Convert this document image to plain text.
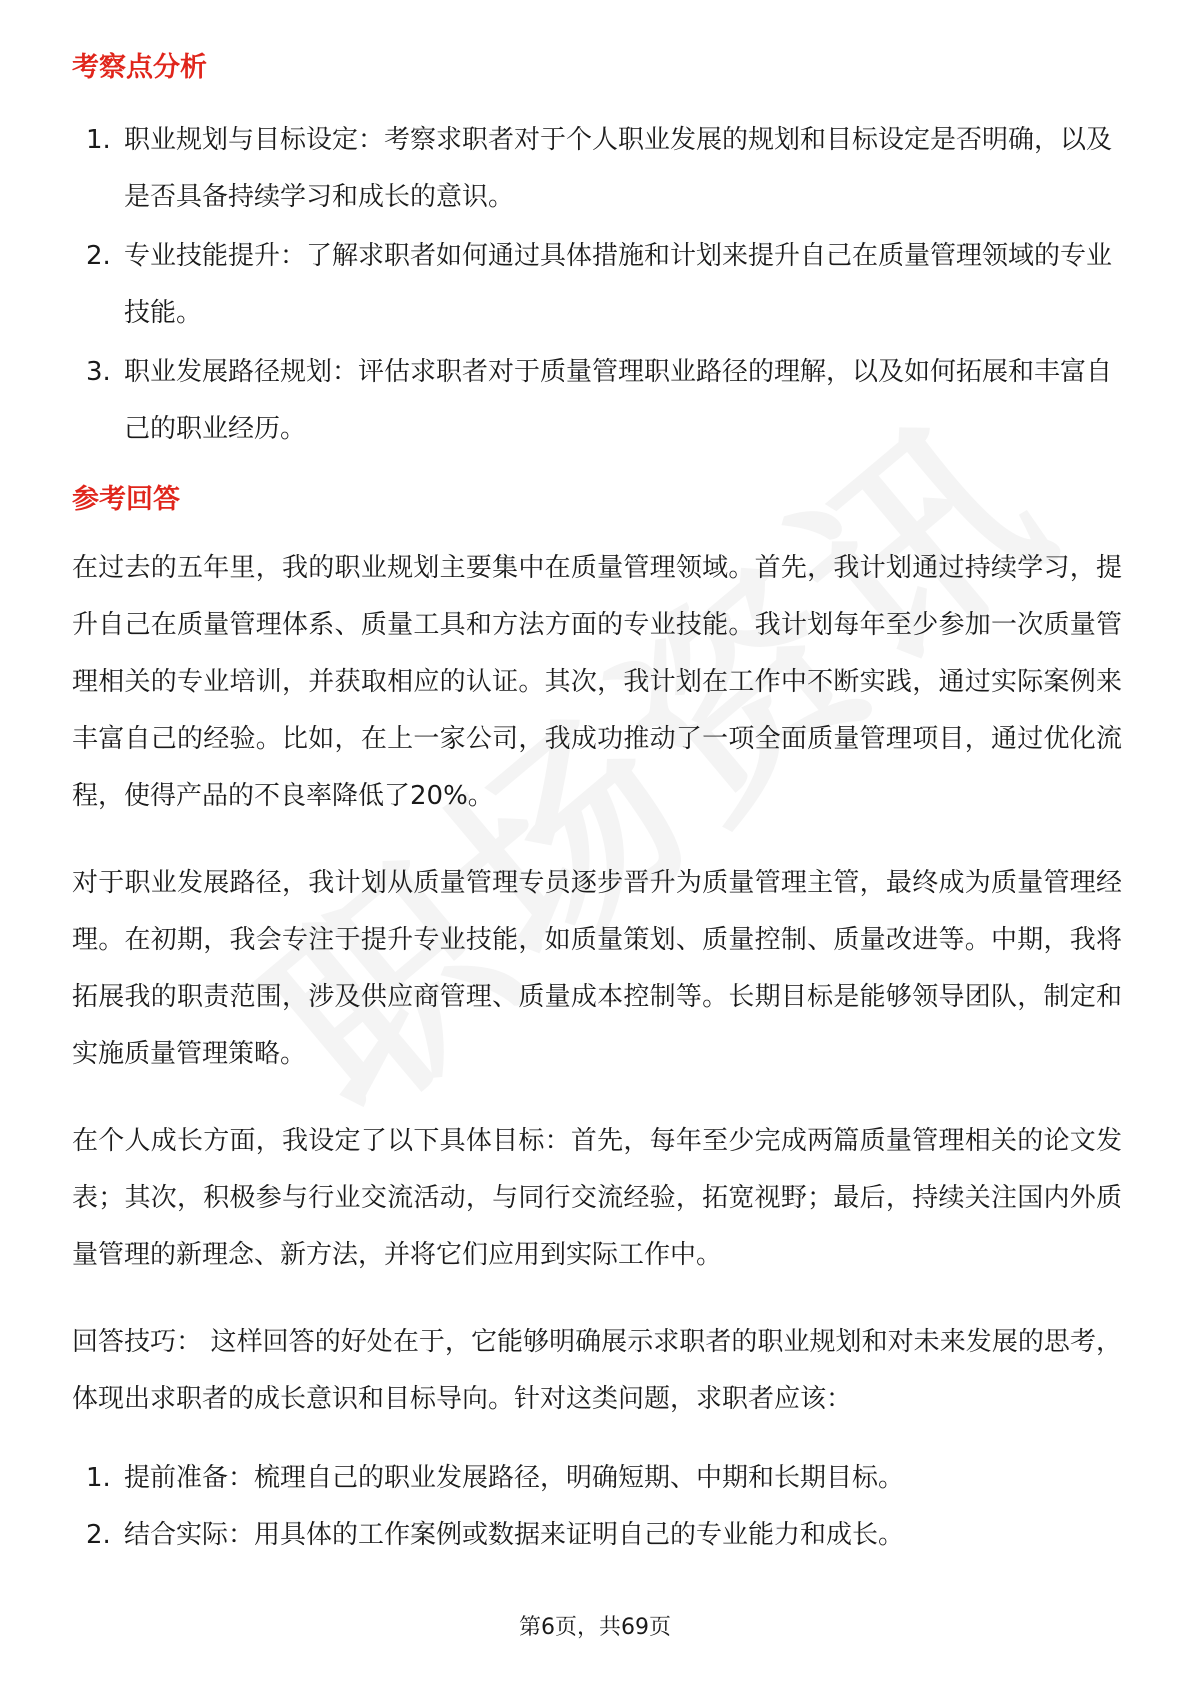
考察点分析
1. 职业规划与目标设定：考察求职者对于个人职业发展的规划和目标设定是否明确，以及是否具备持续学习和成长的意识。
2. 专业技能提升：了解求职者如何通过具体措施和计划来提升自己在质量管理领域的专业技能。
3. 职业发展路径规划：评估求职者对于质量管理职业路径的理解，以及如何拓展和丰富自己的职业经历。
参考回答

在过去的五年里，我的职业规划主要集中在质量管理领域。首先，我计划通过持续学习，提升自己在质量管理体系、质量工具和方法方面的专业技能。我计划每年至少参加一次质量管理相关的专业培训，并获取相应的认证。其次，我计划在工作中不断实践，通过实际案例来丰富自己的经验。比如，在上一家公司，我成功推动了一项全面质量管理项目，通过优化流程，使得产品的不良率降低了20%。

对于职业发展路径，我计划从质量管理专员逐步晋升为质量管理主管，最终成为质量管理经理。在初期，我会专注于提升专业技能，如质量策划、质量控制、质量改进等。中期，我将拓展我的职责范围，涉及供应商管理、质量成本控制等。长期目标是能够领导团队，制定和实施质量管理策略。

在个人成长方面，我设定了以下具体目标：首先，每年至少完成两篇质量管理相关的论文发表；其次，积极参与行业交流活动，与同行交流经验，拓宽视野；最后，持续关注国内外质量管理的新理念、新方法，并将它们应用到实际工作中。

回答技巧： 这样回答的好处在于，它能够明确展示求职者的职业规划和对未来发展的思考，体现出求职者的成长意识和目标导向。针对这类问题，求职者应该：

1. 提前准备：梳理自己的职业发展路径，明确短期、中期和长期目标。
2. 结合实际：用具体的工作案例或数据来证明自己的专业能力和成长。
第6页，共69页
